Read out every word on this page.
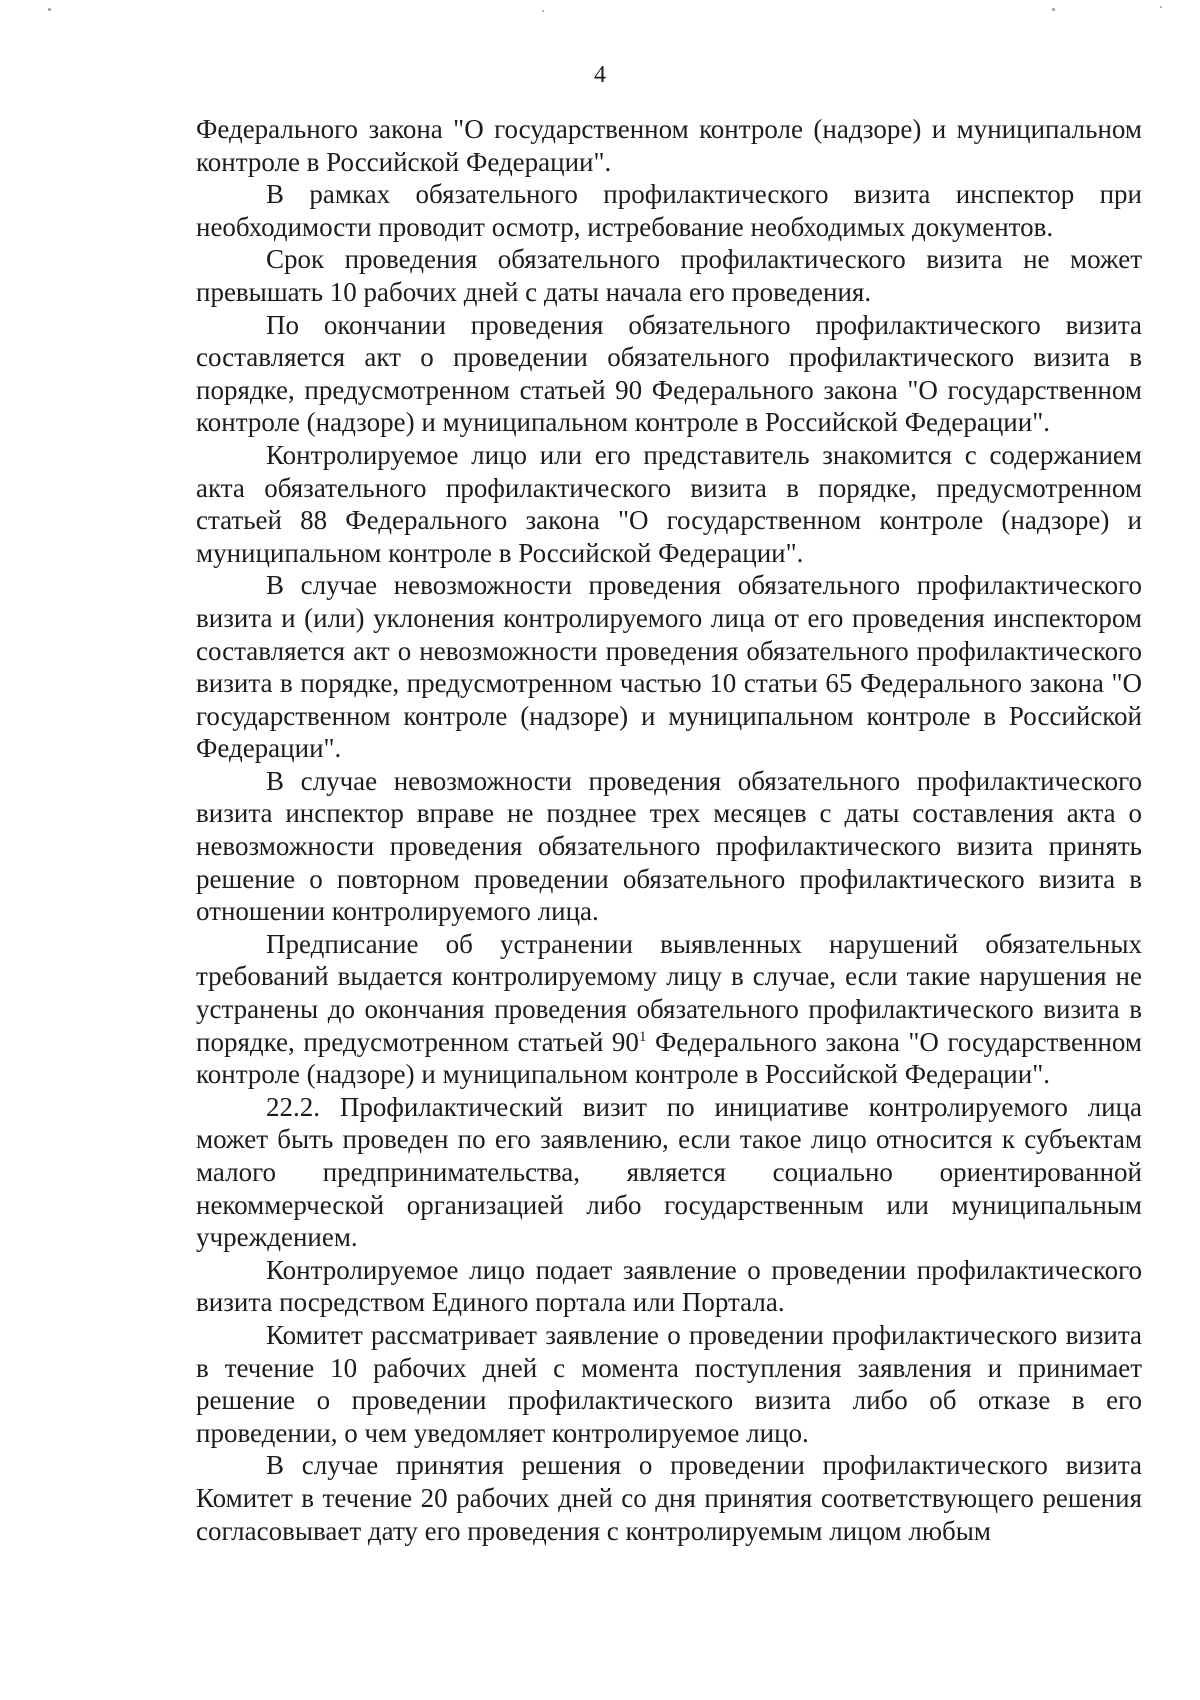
4

Федерального закона "О государственном контроле (надзоре) и муниципальном контроле в Российской Федерации".

В рамках обязательного профилактического визита инспектор при необходимости проводит осмотр, истребование необходимых документов.

Срок проведения обязательного профилактического визита не может превышать 10 рабочих дней с даты начала его проведения.

По окончании проведения обязательного профилактического визита составляется акт о проведении обязательного профилактического визита в порядке, предусмотренном статьей 90 Федерального закона "О государственном контроле (надзоре) и муниципальном контроле в Российской Федерации".

Контролируемое лицо или его представитель знакомится с содержанием акта обязательного профилактического визита в порядке, предусмотренном статьей 88 Федерального закона "О государственном контроле (надзоре) и муниципальном контроле в Российской Федерации".

В случае невозможности проведения обязательного профилактического визита и (или) уклонения контролируемого лица от его проведения инспектором составляется акт о невозможности проведения обязательного профилактического визита в порядке, предусмотренном частью 10 статьи 65 Федерального закона "О государственном контроле (надзоре) и муниципальном контроле в Российской Федерации".

В случае невозможности проведения обязательного профилактического визита инспектор вправе не позднее трех месяцев с даты составления акта о невозможности проведения обязательного профилактического визита принять решение о повторном проведении обязательного профилактического визита в отношении контролируемого лица.

Предписание об устранении выявленных нарушений обязательных требований выдается контролируемому лицу в случае, если такие нарушения не устранены до окончания проведения обязательного профилактического визита в порядке, предусмотренном статьей $90^1$ Федерального закона "О государственном контроле (надзоре) и муниципальном контроле в Российской Федерации".

22.2. Профилактический визит по инициативе контролируемого лица может быть проведен по его заявлению, если такое лицо относится к субъектам малого предпринимательства, является социально ориентированной некоммерческой организацией либо государственным или муниципальным учреждением.

Контролируемое лицо подает заявление о проведении профилактического визита посредством Единого портала или Портала.

Комитет рассматривает заявление о проведении профилактического визита в течение 10 рабочих дней с момента поступления заявления и принимает решение о проведении профилактического визита либо об отказе в его проведении, о чем уведомляет контролируемое лицо.

В случае принятия решения о проведении профилактического визита Комитет в течение 20 рабочих дней со дня принятия соответствующего решения согласовывает дату его проведения с контролируемым лицом любым
